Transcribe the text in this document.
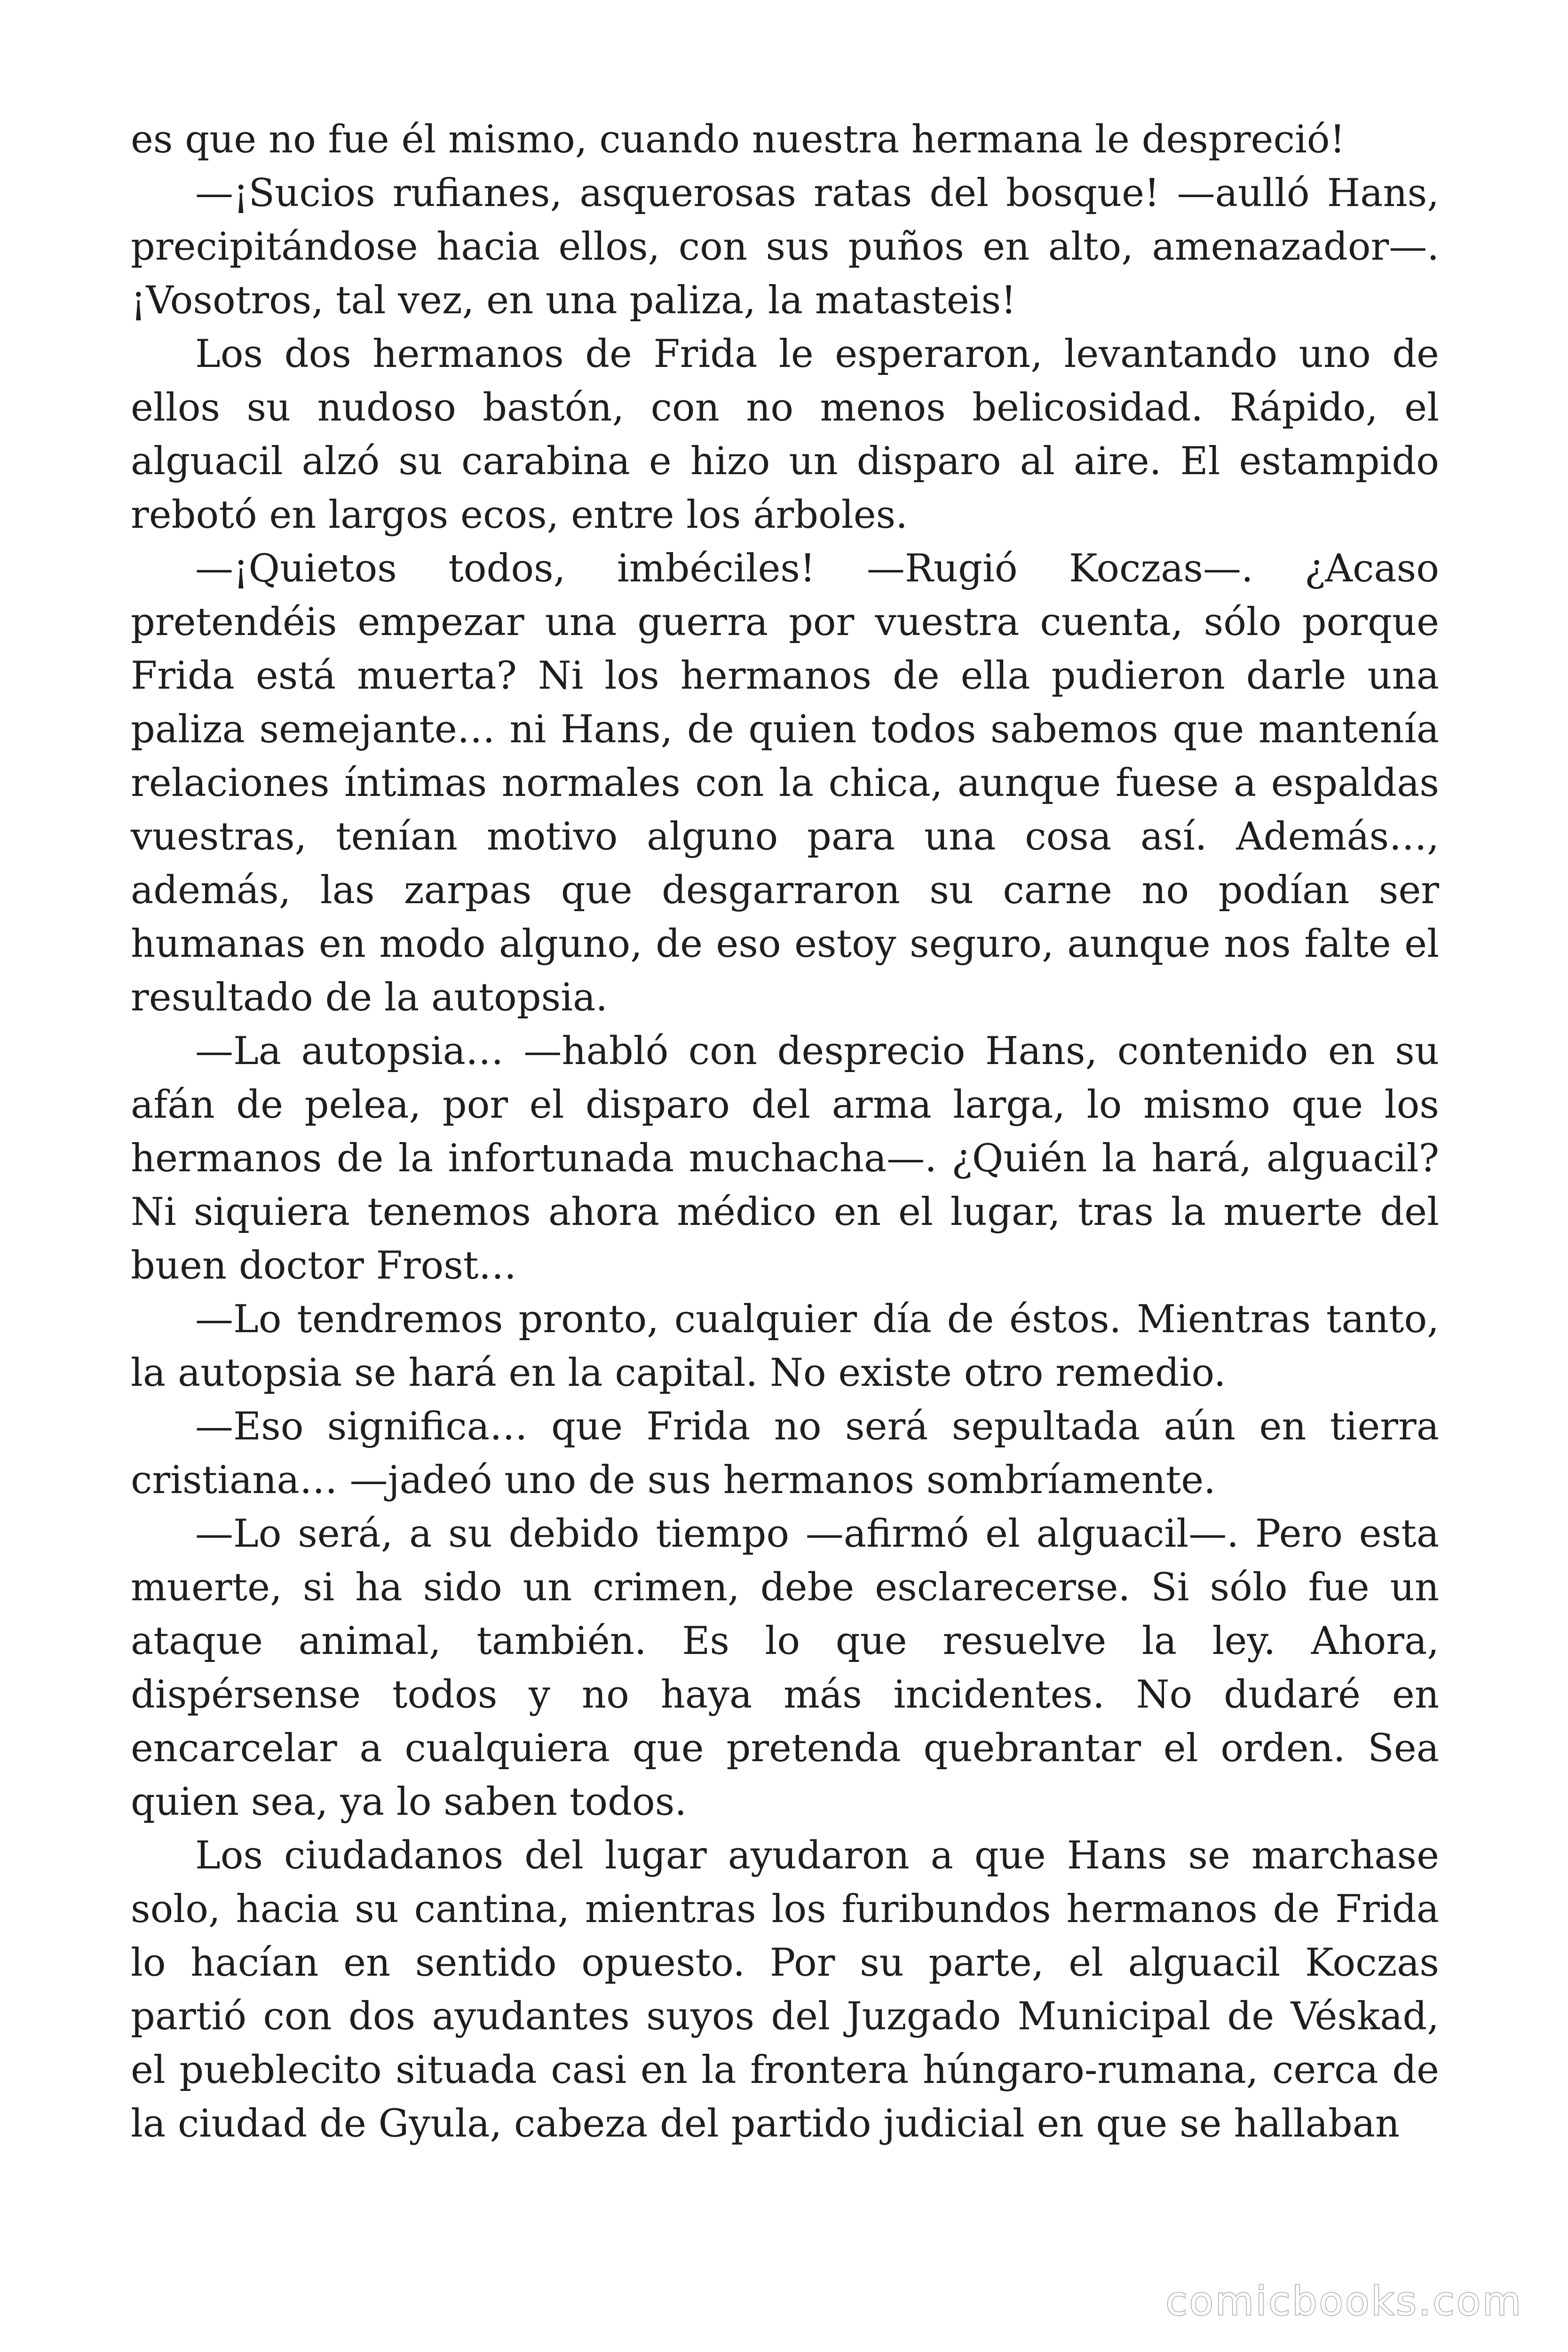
es que no fue él mismo, cuando nuestra hermana le despreció!

—¡Sucios rufianes, asquerosas ratas del bosque! —aulló Hans, precipitándose hacia ellos, con sus puños en alto, amenazador—. ¡Vosotros, tal vez, en una paliza, la matasteis!

Los dos hermanos de Frida le esperaron, levantando uno de ellos su nudoso bastón, con no menos belicosidad. Rápido, el alguacil alzó su carabina e hizo un disparo al aire. El estampido rebotó en largos ecos, entre los árboles.

—¡Quietos todos, imbéciles! —Rugió Koczas—. ¿Acaso pretendéis empezar una guerra por vuestra cuenta, sólo porque Frida está muerta? Ni los hermanos de ella pudieron darle una paliza semejante… ni Hans, de quien todos sabemos que mantenía relaciones íntimas normales con la chica, aunque fuese a espaldas vuestras, tenían motivo alguno para una cosa así. Además…, además, las zarpas que desgarraron su carne no podían ser humanas en modo alguno, de eso estoy seguro, aunque nos falte el resultado de la autopsia.

—La autopsia… —habló con desprecio Hans, contenido en su afán de pelea, por el disparo del arma larga, lo mismo que los hermanos de la infortunada muchacha—. ¿Quién la hará, alguacil? Ni siquiera tenemos ahora médico en el lugar, tras la muerte del buen doctor Frost…

—Lo tendremos pronto, cualquier día de éstos. Mientras tanto, la autopsia se hará en la capital. No existe otro remedio.

—Eso significa… que Frida no será sepultada aún en tierra cristiana… —jadeó uno de sus hermanos sombríamente.

—Lo será, a su debido tiempo —afirmó el alguacil—. Pero esta muerte, si ha sido un crimen, debe esclarecerse. Si sólo fue un ataque animal, también. Es lo que resuelve la ley. Ahora, dispérsense todos y no haya más incidentes. No dudaré en encarcelar a cualquiera que pretenda quebrantar el orden. Sea quien sea, ya lo saben todos.

Los ciudadanos del lugar ayudaron a que Hans se marchase solo, hacia su cantina, mientras los furibundos hermanos de Frida lo hacían en sentido opuesto. Por su parte, el alguacil Koczas partió con dos ayudantes suyos del Juzgado Municipal de Véskad, el pueblecito situada casi en la frontera húngaro-rumana, cerca de la ciudad de Gyula, cabeza del partido judicial en que se hallaban

comicbooks.com
